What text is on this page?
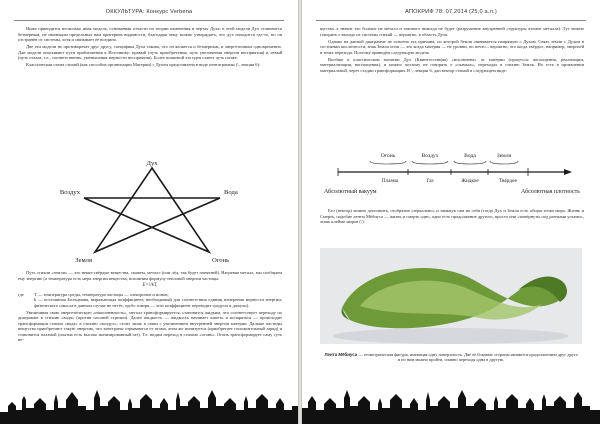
ОККУЛЬТУРА: Конкурс Verbena

Ниже приводится несколько иная модель, основанная отчасти на теории изменения в чертах Духа: в этой модели Дух становится безмерным, не имеющим предельных нам критериев видимости, благодаря чему можно утверждать, что дух находится где-то, но он отстранён от системы, хотя и связывает её воедино.

Две эти модели не противоречат друг другу, специфика Духа такова, что он является и безмерным, и энергетичным одновременно. Дан модели описывают пути приближения к Источнику: правый (путь приобретения, путь увеличения энергии восприятия) и левый (путь отказа, т.е., соответственно, уменьшения мерности восприятия). Более понятной эта идея станет чуть позже.

Классическая схема стихий (как способов организации Материи) с Духом представлена в виде пентаграммы (\, лекция 6):

Дух
Воздух	Вода
Земля	Огонь

Путь стихии «земли» — это некие твёрдые вещества, скажем, металл (или лёд, так будет понятней). Нагревая металл, мы сообщаем ему энергию (а температура есть мера энергии вещества, вспомним формулу тепловой энергии частицы:

E=\/kT,
где	T — температура среды, температура частицы — электронов и ионов;
k — постоянная Больцмана, выражающая коэффициент, необходимый для соответствия единиц измерения мерности энергии; физического смысла в данном случае не несёт, грубо говоря — этот коэффициент переводит градусы в джоули).

Увеличивая свою энергетическую «наполненность», металл трансформируется, становится жидким, что соответствует переходу по диаграмме в стихию «вода» (против часовой стрелки). Далее жидкость — жидкость начинает кипеть и испаряться — происходит трансформация стихии «вода» в стихию «воздух»; стоит лишь в связи с увеличением внутренней энергии материи. Дальше частицы вещества приобретают такую энергию, что электроны отрываются от атома, атом же ионизуется (приобретает положительный заряд) и становится плазмой (плазма есть высоко ионизированный газ). Т.е. видим переход в стихию «огонь». Огонь трансформирует саму суть ве-

34
АПОКРИФ 78: 07.2014 (25,0 а.л.)

щества, а значит это больше не металл и такового никогда не будет (разрушение внутренней структуры атомов металла). Тут можно говорить о выходе из системы стихий — вероятно, в область Духа.

Однако на данной диаграмме не освоена эта причина, по которой Земля связывается напрямую с Духом. Связь земли с Духом в состоянии кислотности, знак Земли огни — это когда материя — не уровни, но нечто... вероятно, это когда твёрдое, например, энергией в точке перехода. Поэтому приведём следующую модель.

Вообще в классическом понятии Дух (Квинтэссенция) «исключена» от материи (процессы поглощения, реализации, материализации, воплощения), и можно поэтому не говорить о «скачках», переходах в стихию Земля. Но есть в проявлении материальной, через стадии трансформации. В \, лекции 6, дан вектор стихий в следующем виде:

Огонь	Воздух	Вода	Земля
Плазма	Газ	Жидкое	Твёрдое
Абсолютный вакуум	Абсолютная плотность

Его (вектор) можно дополнить, отобразив «зеркально» и замкнув сам на себя (тогда Дух и Земля есть общая точка мира. Жизнь и Смерть, подобие ленты Мёбиуса — жизнь и смерть одно, одно есть продолжение другого, просто они «повёрнуты под разными углами», лишь клеймо миров (\).

Лента Мёбиуса — геометрическая фигура, имеющая одну поверхность. Две её боковые стороны являются продолжением друг друга и по ним можно пройти, плавно переходя одна в другую.
35
